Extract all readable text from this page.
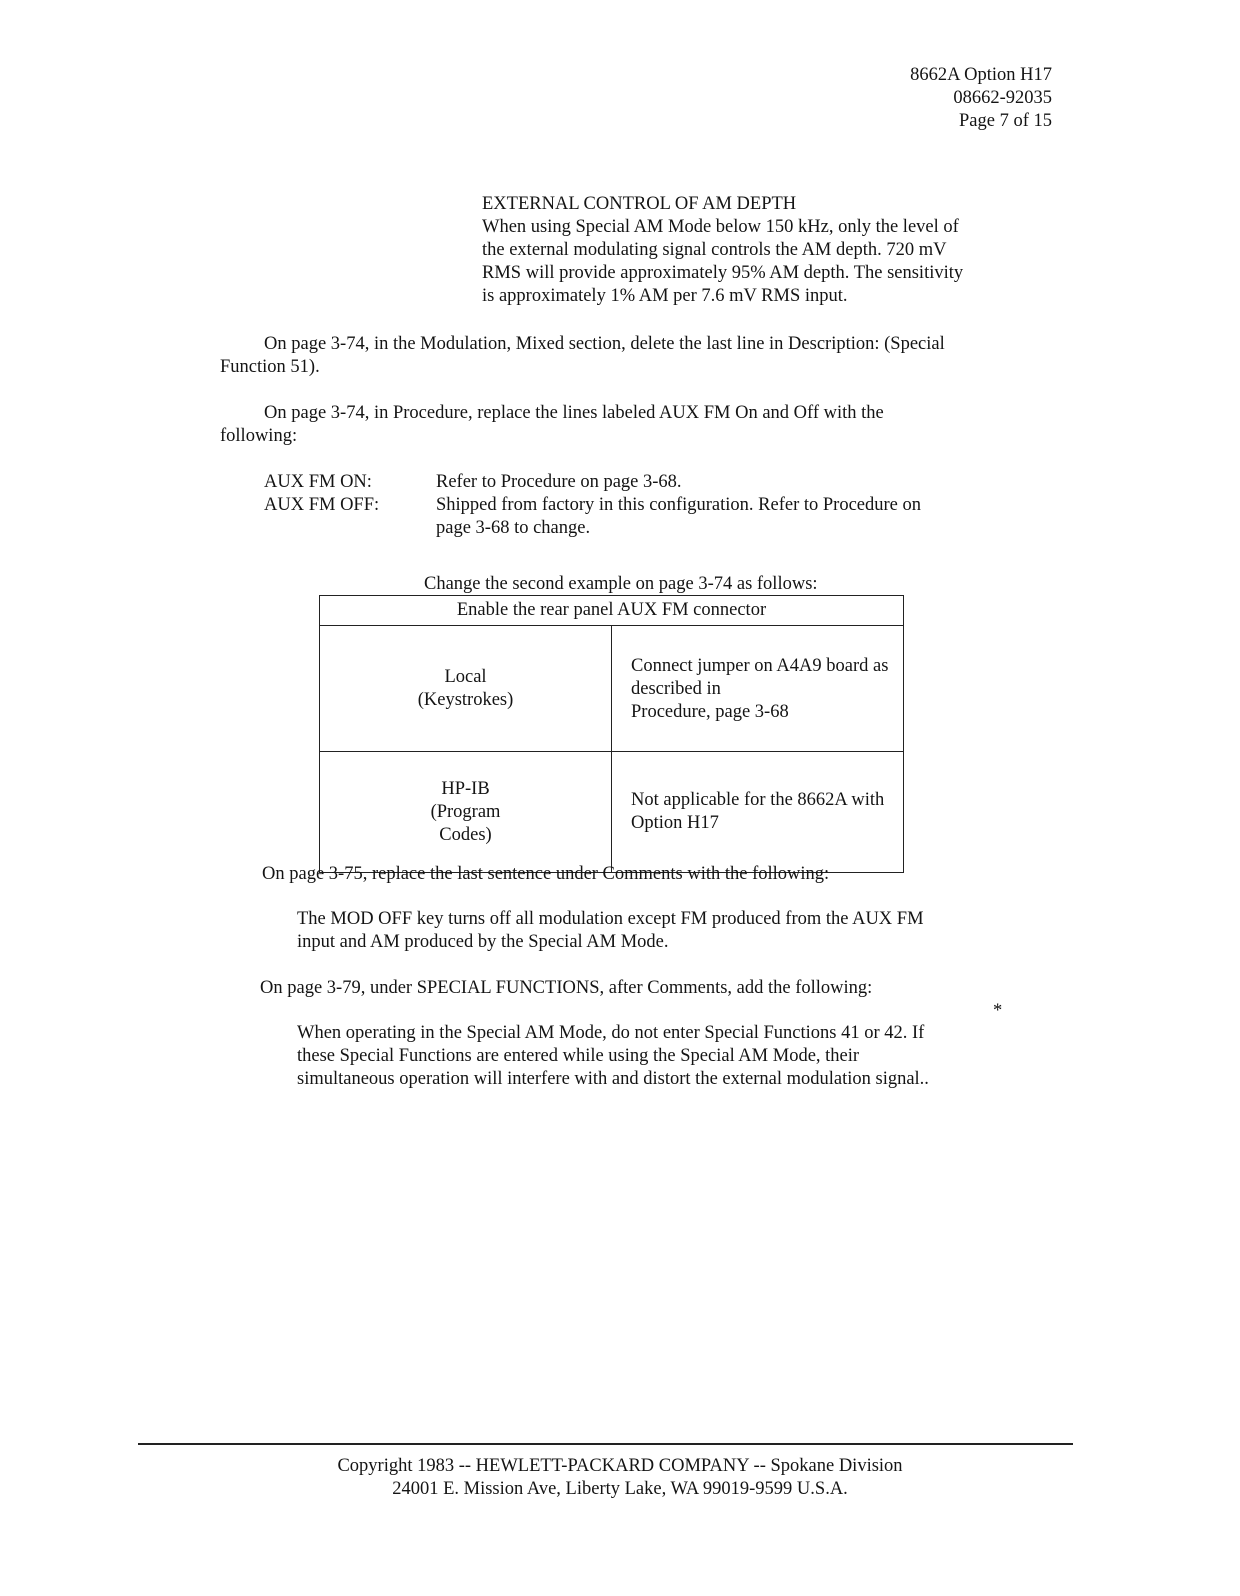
8662A Option H17
08662-92035
Page 7 of 15
EXTERNAL CONTROL OF AM DEPTH
When using Special AM Mode below 150 kHz, only the level of
the external modulating signal controls the AM depth. 720 mV
RMS will provide approximately 95% AM depth. The sensitivity
is approximately 1% AM per 7.6 mV RMS input.
On page 3-74, in the Modulation, Mixed section, delete the last line in Description: (Special
Function 51).
On page 3-74, in Procedure, replace the lines labeled AUX FM On and Off with the
following:
AUX FM ON:	Refer to Procedure on page 3-68.
AUX FM OFF:	Shipped from factory in this configuration. Refer to Procedure on
page 3-68 to change.
Change the second example on page 3-74 as follows:
Enable the rear panel AUX FM connector	

Local
(Keystrokes)	Connect jumper on A4A9 board as described in
Procedure, page 3-68

HP-IB
(Program
Codes)	Not applicable for the 8662A with Option H17
On page 3-75, replace the last sentence under Comments with the following:
The MOD OFF key turns off all modulation except FM produced from the AUX FM
input and AM produced by the Special AM Mode.
On page 3-79, under SPECIAL FUNCTIONS, after Comments, add the following:
*
When operating in the Special AM Mode, do not enter Special Functions 41 or 42. If
these Special Functions are entered while using the Special AM Mode, their
simultaneous operation will interfere with and distort the external modulation signal..
Copyright 1983 -- HEWLETT-PACKARD COMPANY -- Spokane Division
24001 E. Mission Ave, Liberty Lake, WA 99019-9599 U.S.A.
